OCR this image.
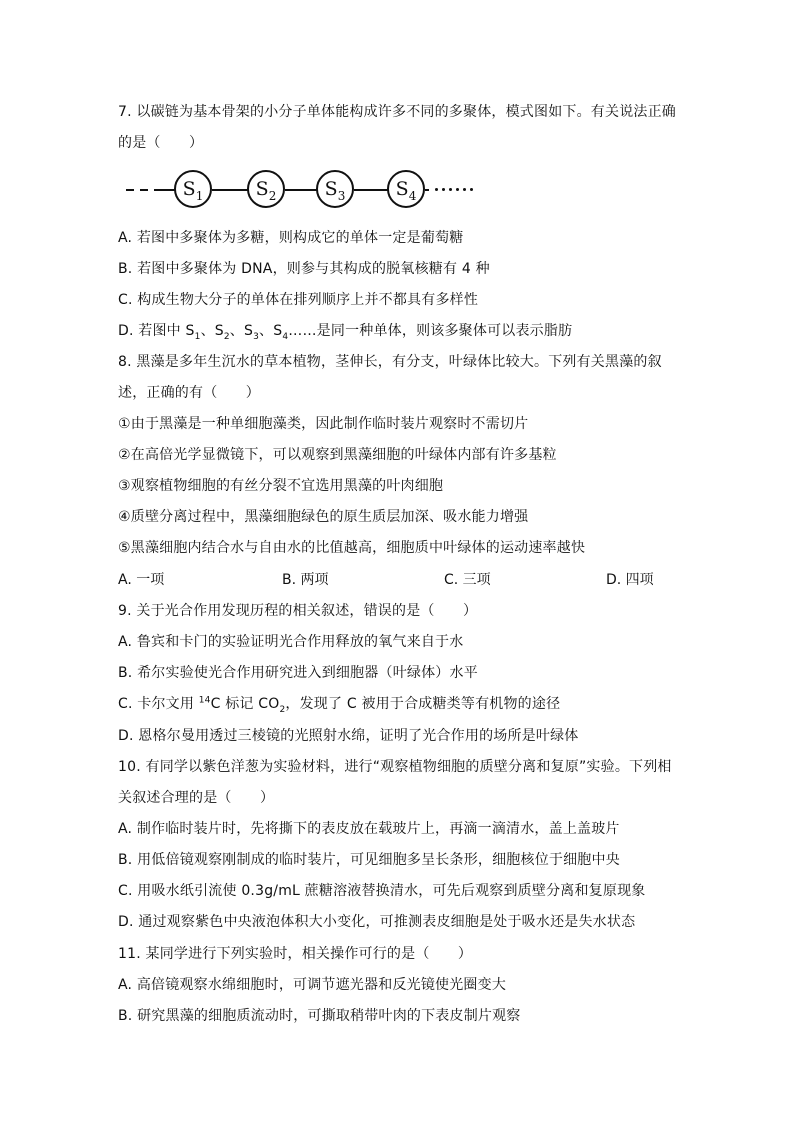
7. 以碳链为基本骨架的小分子单体能构成许多不同的多聚体，模式图如下。有关说法正确
的是（　　）
$S_1$	$S_2$	$S_3$	$S_4$
A. 若图中多聚体为多糖，则构成它的单体一定是葡萄糖
B. 若图中多聚体为 DNA，则参与其构成的脱氧核糖有 4 种
C. 构成生物大分子的单体在排列顺序上并不都具有多样性
D. 若图中 $S_1$、$S_2$、$S_3$、$S_4\dots\dots$是同一种单体，则该多聚体可以表示脂肪
8. 黑藻是多年生沉水的草本植物，茎伸长，有分支，叶绿体比较大。下列有关黑藻的叙
述，正确的有（　　）
①由于黑藻是一种单细胞藻类，因此制作临时装片观察时不需切片
②在高倍光学显微镜下，可以观察到黑藻细胞的叶绿体内部有许多基粒
③观察植物细胞的有丝分裂不宜选用黑藻的叶肉细胞
④质壁分离过程中，黑藻细胞绿色的原生质层加深、吸水能力增强
⑤黑藻细胞内结合水与自由水的比值越高，细胞质中叶绿体的运动速率越快
A. 一项	B. 两项	C. 三项	D. 四项
9. 关于光合作用发现历程的相关叙述，错误的是（　　）
A. 鲁宾和卡门的实验证明光合作用释放的氧气来自于水
B. 希尔实验使光合作用研究进入到细胞器（叶绿体）水平
C. 卡尔文用 $^{14}$C 标记 $CO_2$，发现了 C 被用于合成糖类等有机物的途径
D. 恩格尔曼用透过三棱镜的光照射水绵，证明了光合作用的场所是叶绿体
10. 有同学以紫色洋葱为实验材料，进行“观察植物细胞的质壁分离和复原”实验。下列相
关叙述合理的是（　　）
A. 制作临时装片时，先将撕下的表皮放在载玻片上，再滴一滴清水，盖上盖玻片
B. 用低倍镜观察刚制成的临时装片，可见细胞多呈长条形，细胞核位于细胞中央
C. 用吸水纸引流使 0.3g/mL 蔗糖溶液替换清水，可先后观察到质壁分离和复原现象
D. 通过观察紫色中央液泡体积大小变化，可推测表皮细胞是处于吸水还是失水状态
11. 某同学进行下列实验时，相关操作可行的是（　　）
A. 高倍镜观察水绵细胞时，可调节遮光器和反光镜使光圈变大
B. 研究黑藻的细胞质流动时，可撕取稍带叶肉的下表皮制片观察
